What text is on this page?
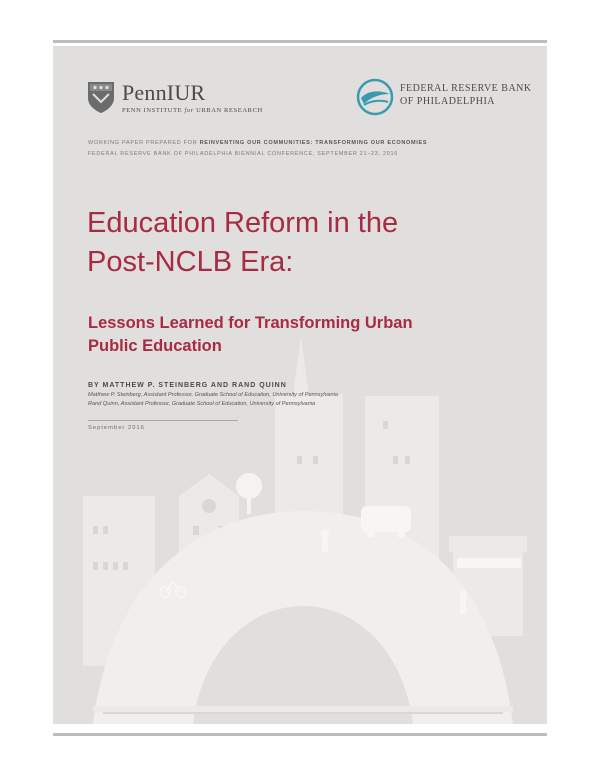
PennIUR
PENN INSTITUTE for URBAN RESEARCH
FEDERAL RESERVE BANK
OF PHILADELPHIA
WORKING PAPER PREPARED FOR REINVENTING OUR COMMUNITIES: TRANSFORMING OUR ECONOMIES
FEDERAL RESERVE BANK OF PHILADELPHIA BIENNIAL CONFERENCE, SEPTEMBER 21–23, 2016
Education Reform in the
Post-NCLB Era:
Lessons Learned for Transforming Urban
Public Education
BY MATTHEW P. STEINBERG AND RAND QUINN
Matthew P. Steinberg, Assistant Professor, Graduate School of Education, University of Pennsylvania
Rand Quinn, Assistant Professor, Graduate School of Education, University of Pennsylvania
September 2016
